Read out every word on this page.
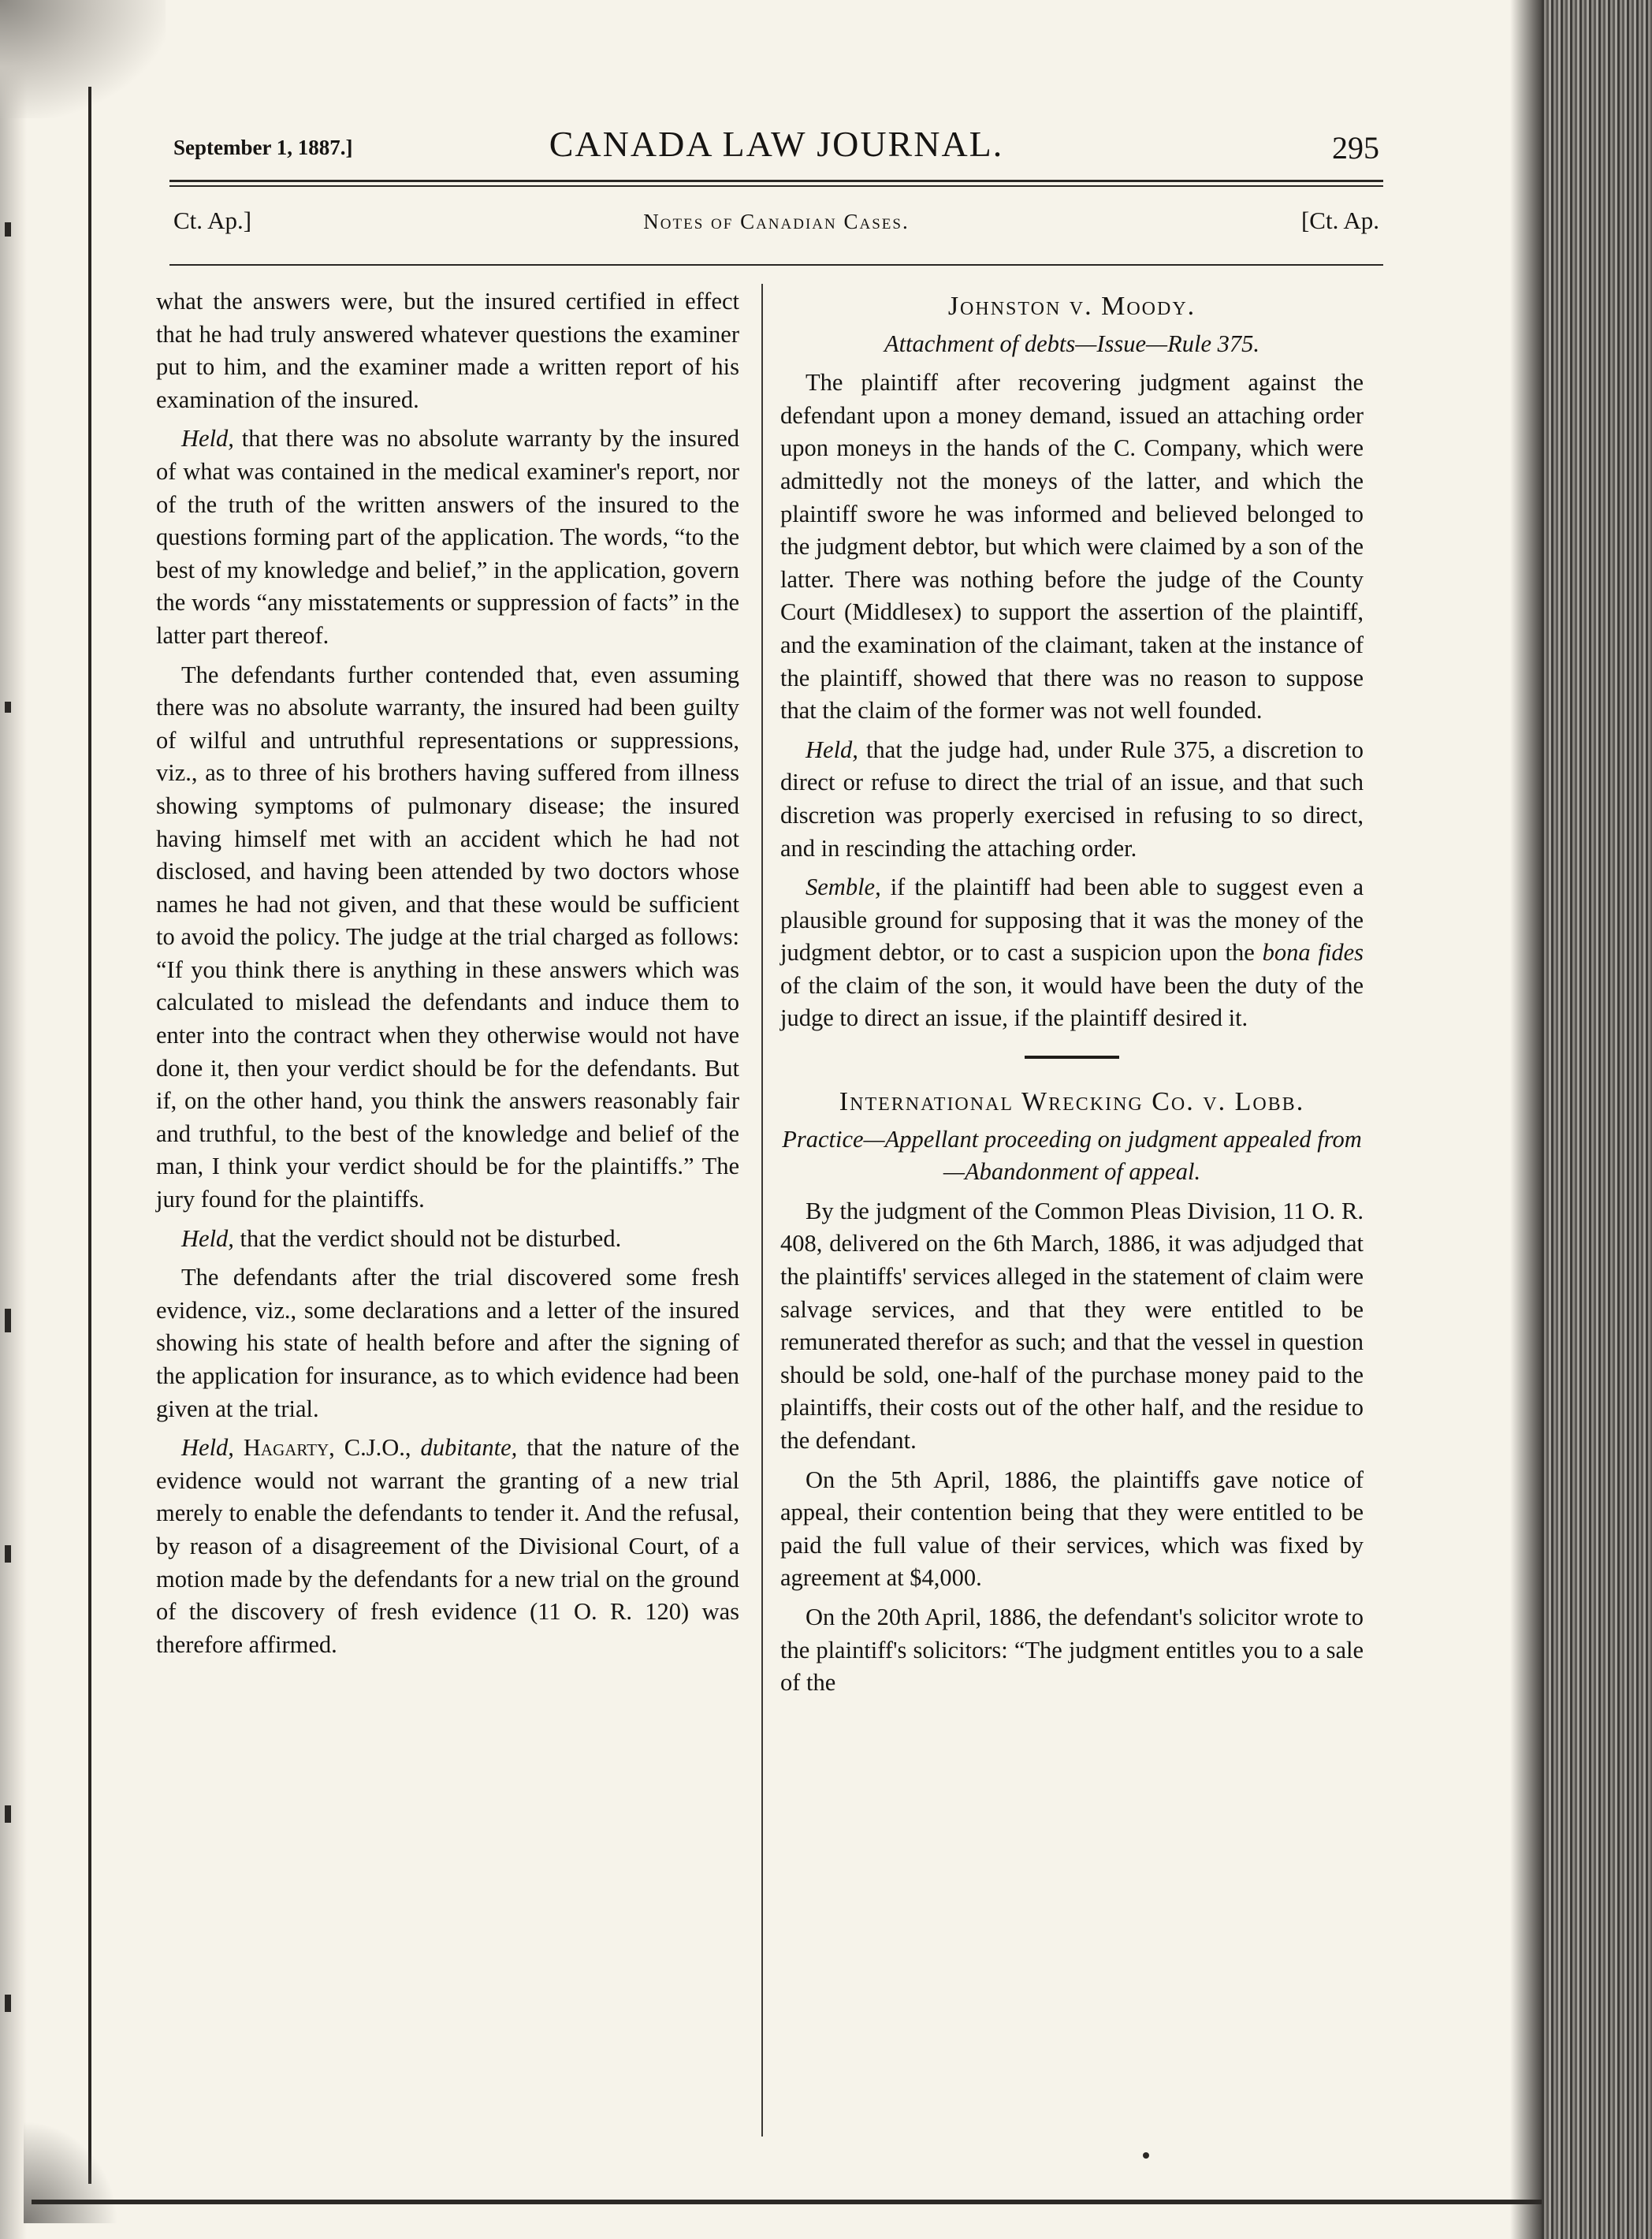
September 1, 1887.]	CANADA LAW JOURNAL.	295
Ct. Ap.]	Notes of Canadian Cases.	[Ct. Ap.

what the answers were, but the insured certified in effect that he had truly answered whatever questions the examiner put to him, and the examiner made a written report of his examination of the insured.

Held, that there was no absolute warranty by the insured of what was contained in the medical examiner's report, nor of the truth of the written answers of the insured to the questions forming part of the application. The words, “to the best of my knowledge and belief,” in the application, govern the words “any misstatements or suppression of facts” in the latter part thereof.

The defendants further contended that, even assuming there was no absolute warranty, the insured had been guilty of wilful and untruthful representations or suppressions, viz., as to three of his brothers having suffered from illness showing symptoms of pulmonary disease; the insured having himself met with an accident which he had not disclosed, and having been attended by two doctors whose names he had not given, and that these would be sufficient to avoid the policy. The judge at the trial charged as follows: “If you think there is anything in these answers which was calculated to mislead the defendants and induce them to enter into the contract when they otherwise would not have done it, then your verdict should be for the defendants. But if, on the other hand, you think the answers reasonably fair and truthful, to the best of the knowledge and belief of the man, I think your verdict should be for the plaintiffs.” The jury found for the plaintiffs.

Held, that the verdict should not be disturbed.

The defendants after the trial discovered some fresh evidence, viz., some declarations and a letter of the insured showing his state of health before and after the signing of the application for insurance, as to which evidence had been given at the trial.

Held, Hagarty, C.J.O., dubitante, that the nature of the evidence would not warrant the granting of a new trial merely to enable the defendants to tender it. And the refusal, by reason of a disagreement of the Divisional Court, of a motion made by the defendants for a new trial on the ground of the discovery of fresh evidence (11 O. R. 120) was therefore affirmed.

Johnston v. Moody.
Attachment of debts—Issue—Rule 375.

The plaintiff after recovering judgment against the defendant upon a money demand, issued an attaching order upon moneys in the hands of the C. Company, which were admittedly not the moneys of the latter, and which the plaintiff swore he was informed and believed belonged to the judgment debtor, but which were claimed by a son of the latter. There was nothing before the judge of the County Court (Middlesex) to support the assertion of the plaintiff, and the examination of the claimant, taken at the instance of the plaintiff, showed that there was no reason to suppose that the claim of the former was not well founded.

Held, that the judge had, under Rule 375, a discretion to direct or refuse to direct the trial of an issue, and that such discretion was properly exercised in refusing to so direct, and in rescinding the attaching order.

Semble, if the plaintiff had been able to suggest even a plausible ground for supposing that it was the money of the judgment debtor, or to cast a suspicion upon the bona fides of the claim of the son, it would have been the duty of the judge to direct an issue, if the plaintiff desired it.

International Wrecking Co. v. Lobb.
Practice—Appellant proceeding on judgment appealed from—Abandonment of appeal.

By the judgment of the Common Pleas Division, 11 O. R. 408, delivered on the 6th March, 1886, it was adjudged that the plaintiffs' services alleged in the statement of claim were salvage services, and that they were entitled to be remunerated therefor as such; and that the vessel in question should be sold, one-half of the purchase money paid to the plaintiffs, their costs out of the other half, and the residue to the defendant.

On the 5th April, 1886, the plaintiffs gave notice of appeal, their contention being that they were entitled to be paid the full value of their services, which was fixed by agreement at $4,000.

On the 20th April, 1886, the defendant's solicitor wrote to the plaintiff's solicitors: “The judgment entitles you to a sale of the
